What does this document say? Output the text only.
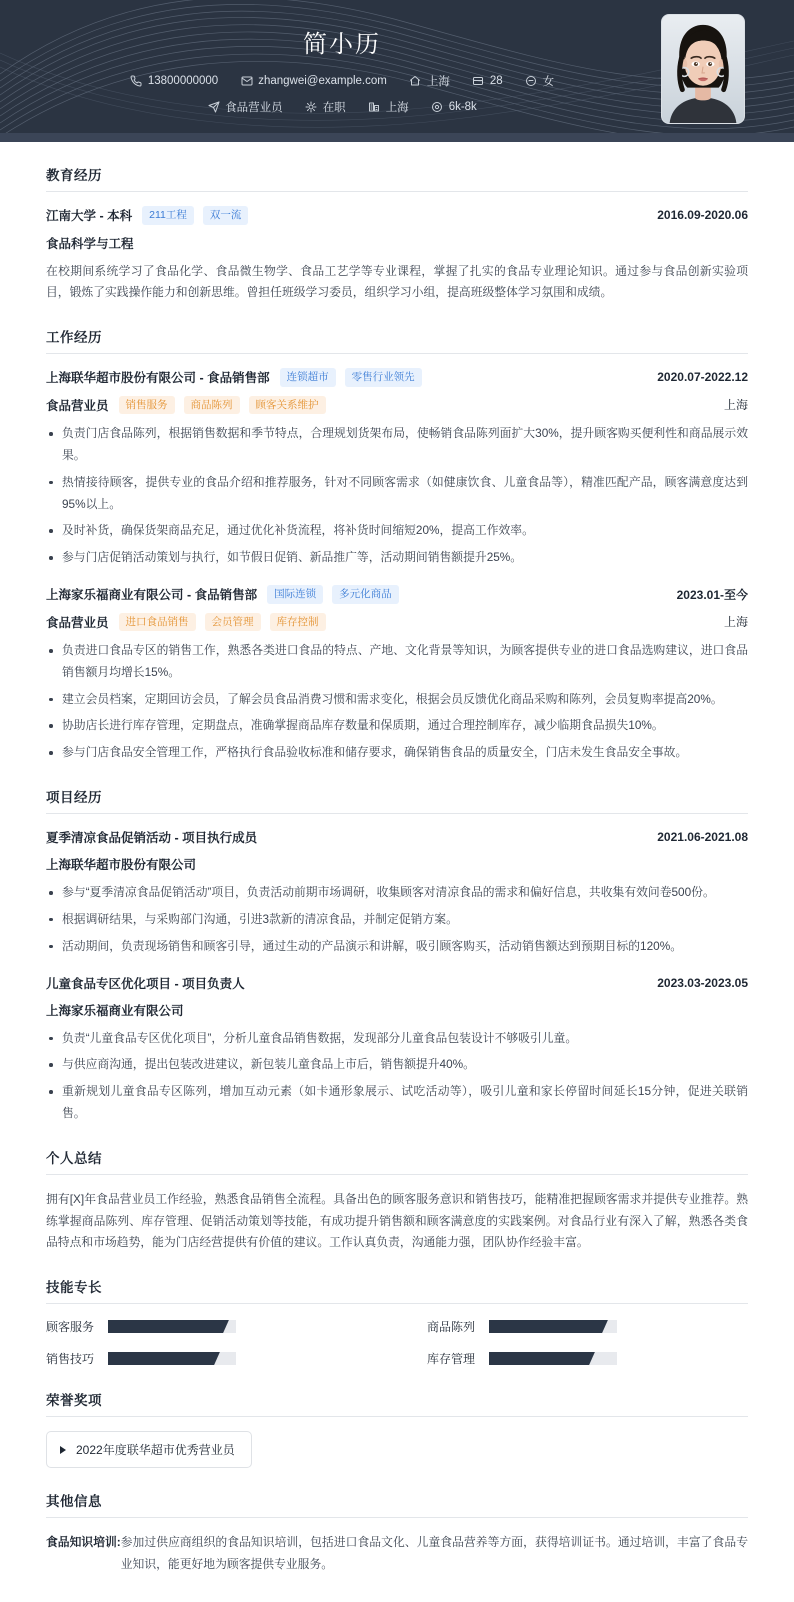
简小历
13800000000	zhangwei@example.com	上海	28	女
食品营业员	在职	上海	6k-8k
教育经历
江南大学 - 本科	211工程	双一流	2016.09-2020.06
食品科学与工程
在校期间系统学习了食品化学、食品微生物学、食品工艺学等专业课程，掌握了扎实的食品专业理论知识。通过参与食品创新实验项目，锻炼了实践操作能力和创新思维。曾担任班级学习委员，组织学习小组，提高班级整体学习氛围和成绩。
工作经历
上海联华超市股份有限公司 - 食品销售部	连锁超市	零售行业领先	2020.07-2022.12
食品营业员	销售服务	商品陈列	顾客关系维护	上海
负责门店食品陈列，根据销售数据和季节特点，合理规划货架布局，使畅销食品陈列面扩大30%，提升顾客购买便利性和商品展示效果。
热情接待顾客，提供专业的食品介绍和推荐服务，针对不同顾客需求（如健康饮食、儿童食品等），精准匹配产品，顾客满意度达到95%以上。
及时补货，确保货架商品充足，通过优化补货流程，将补货时间缩短20%，提高工作效率。
参与门店促销活动策划与执行，如节假日促销、新品推广等，活动期间销售额提升25%。
上海家乐福商业有限公司 - 食品销售部	国际连锁	多元化商品	2023.01-至今
食品营业员	进口食品销售	会员管理	库存控制	上海
负责进口食品专区的销售工作，熟悉各类进口食品的特点、产地、文化背景等知识，为顾客提供专业的进口食品选购建议，进口食品销售额月均增长15%。
建立会员档案，定期回访会员，了解会员食品消费习惯和需求变化，根据会员反馈优化商品采购和陈列，会员复购率提高20%。
协助店长进行库存管理，定期盘点，准确掌握商品库存数量和保质期，通过合理控制库存，减少临期食品损失10%。
参与门店食品安全管理工作，严格执行食品验收标准和储存要求，确保销售食品的质量安全，门店未发生食品安全事故。
项目经历
夏季清凉食品促销活动 - 项目执行成员	2021.06-2021.08
上海联华超市股份有限公司
参与“夏季清凉食品促销活动”项目，负责活动前期市场调研，收集顾客对清凉食品的需求和偏好信息，共收集有效问卷500份。
根据调研结果，与采购部门沟通，引进3款新的清凉食品，并制定促销方案。
活动期间，负责现场销售和顾客引导，通过生动的产品演示和讲解，吸引顾客购买，活动销售额达到预期目标的120%。
儿童食品专区优化项目 - 项目负责人	2023.03-2023.05
上海家乐福商业有限公司
负责“儿童食品专区优化项目”，分析儿童食品销售数据，发现部分儿童食品包装设计不够吸引儿童。
与供应商沟通，提出包装改进建议，新包装儿童食品上市后，销售额提升40%。
重新规划儿童食品专区陈列，增加互动元素（如卡通形象展示、试吃活动等），吸引儿童和家长停留时间延长15分钟，促进关联销售。
个人总结
拥有[X]年食品营业员工作经验，熟悉食品销售全流程。具备出色的顾客服务意识和销售技巧，能精准把握顾客需求并提供专业推荐。熟练掌握商品陈列、库存管理、促销活动策划等技能，有成功提升销售额和顾客满意度的实践案例。对食品行业有深入了解，熟悉各类食品特点和市场趋势，能为门店经营提供有价值的建议。工作认真负责，沟通能力强，团队协作经验丰富。
技能专长
顾客服务	商品陈列
销售技巧	库存管理
荣誉奖项
2022年度联华超市优秀营业员
其他信息
食品知识培训: 参加过供应商组织的食品知识培训，包括进口食品文化、儿童食品营养等方面，获得培训证书。通过培训，丰富了食品专业知识，能更好地为顾客提供专业服务。
